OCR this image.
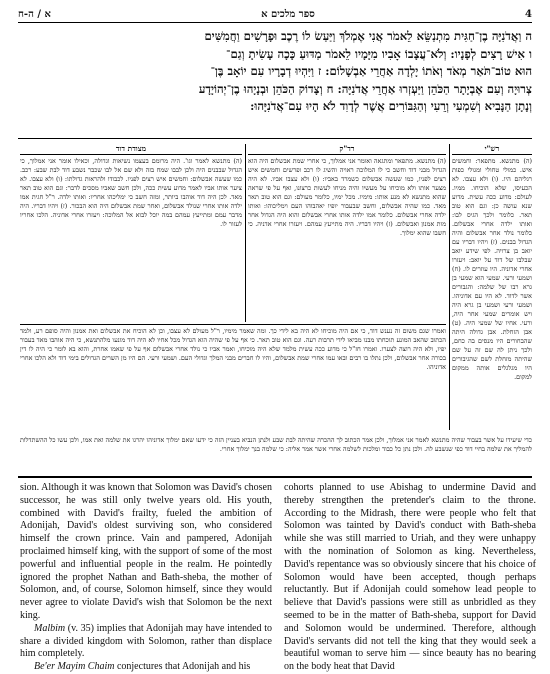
4
ספר מלכים א
א / ה-ח
ה וַאֲדֹנִיָּה בֶן־חַגִּית מִתְנַשֵּׂא לֵאמֹר אֲנִי אֶמְלֹךְ וַיַּעַשׂ לוֹ רֶכֶב וּפָרָשִׁים וַחֲמִשִּׁים
ו אִישׁ רָצִים לְפָנָיו: וְלֹא־עֲצָבוֹ אָבִיו מִיָּמָיו לֵאמֹר מַדּוּעַ כָּכָה עָשִׂיתָ וְגַם־
הוּא טוֹב־תֹּאַר מְאֹד וְאֹתוֹ יָלְדָה אַחֲרֵי אַבְשָׁלוֹם: ז וַיִּהְיוּ דְבָרָיו עִם יוֹאָב בֶּן־
צְרוּיָה וְעִם אֶבְיָתָר הַכֹּהֵן וַיַּעְזְרוּ אַחֲרֵי אֲדֹנִיָּה: ח וְצָדוֹק הַכֹּהֵן וּבְנָיָהוּ בֶן־יְהוֹיָדָע
וְנָתָן הַנָּבִיא וְשִׁמְעִי וְרֵעִי וְהַגִּבּוֹרִים אֲשֶׁר לְדָוִד לֹא הָיוּ עִם־אֲדֹנִיָּהוּ:
רש"י

(ה) מתנשא. מתפאר: וחמשים איש. כמולי טחולי ומגולי כפות רגליהם היו. (ו) ולא עצבו. לא הכעיסו, שלא הוכיחו. ממיו. לעולם: מדוע ככה עשית. מדוע שנא עושה כן: וגם הוא טוב תאר. כלומר ולכך הגיס לבו: ואותו ילדה אחרי אבשלום. כלומר נולד אחר אבשלום והיה הגדול בבנים. (ז) ויהיו דבריו עם יואב בן צרויה. לפי שידע יואב שבלבו של דוד על יואב: ויעזרו אחרי אדוניה. היו עוזרים לו. (ח) ושמעי ורעי. שמעי הוא שמעי בן גרא רבו של שלמה: והגבורים אשר לדוד. לא היו עם אדוניהו. ושמעי ורעי ושמעי בן גרא היה ויש אומרים שמעי אחר היה, ורעי. אחיו של שמעי היה. (ט) אבן הזחלת. אבן גדולה היתה שהבחורים היו מנסים בה כחם, ולכך ניתן לה שם זה על שם שהיתה מזחלת לשם שהגיבורים היו מגלגלים אותה ממקום למקום.

רד"ק

(ה) מתנשא. מתפאר ומתגאה ואומר אני אמלוך, כי אחרי שמת אבשלום היה הוא הגדול מבני דוד וחשב כי לו המלוכה ראויה והשיג לו רכב ופרשים וחמשים איש רצים לפניו, כמו שעשה אבשלום כשמרד באביו: (ו) ולא עצבו אביו. לא היה מצער אותו ולא מוכיחו על מעשיו והיה מניחו לעשות כרצונו, ואף על פי שראה שהוא מתנשא לא מנע אותו: מימיו. מכל ימיו, כלומר מעולם: וגם הוא טוב תאר מאד. כמו שהיה אבשלום, וחשב שבעבור יופיו יאהבוהו העם וימליכוהו: ואותו ילדה אחרי אבשלום. כלומר אמו ילדה אותו אחרי אבשלום והוא היה הגדול אחר מות אמנון ואבשלום. (ז) ויהיו דבריו. היה מתייעץ עמהם. ויעזרו אחרי אדניה. כי חשבו שהוא ימלוך.

מצודת דוד

(ה) מתנשא לאמר וגו'. היה מרומם בעצמו נשיאות וגדולה, וכאילו אומר אני אמלוך, כי הגדול שבבנים היה ולכן לבבו שמח בזה ולא שם אל לבו שכבר נשבע דוד לבת שבע: רכב. כמו שעשה אבשלום: וחמשים איש רצים לפניו. לכבודו ולהראות גדולתו: (ו) ולא עצבו. לא ציער אותו אביו לאמר מדוע עשית ככה, ולכן חשב שאביו מסכים לדבר: וגם הוא טוב תאר מאד. לכן היה דוד אוהבו ביותר, ומזה חשב כי ימליכהו אחריו: ואותו ילדה. ר"ל חגית אמו ילדה אותו אחרי שנולד אבשלום, ואחר שמת אבשלום היה הוא הבכור. (ז) ויהיו דבריו. היה מדבר עמם ומתייעץ עמהם במה יוכל לבוא אל המלוכה: ויעזרו אחרי אדוניה. הלכו אחריו לעזור לו.

ואמרו שגם משום זה נענש דוד, כי אם היה מוכיחו לא היה בא לידי כך. ומה שאמר מימיו, ר"ל מעולם לא עצבו, וכן לא הוכיח את אבשלום ואת אמנון והיה סופם רע, ולמד הכתוב שהאב המונע תוכחתו מבנו מביאו לידי תרבות רעה. וגם הוא טוב תאר. כי אף על פי שהיה הוא הגדול מכל אחיו לא היה דוד מונעו מלהתנשא, כי היה אוהבו מאד בעבור יפיו, ולא היה רוצה לצערו. ואמרו חז"ל כי מדוע ככה עשית מלמד שלא היה מוכיחו, ואמר אביו כי נולד אחרי אבשלום אף על פי שאמו אחרת, והוא בא לומר כי היה לו דין בכורה אחר אבשלום, ולכן נתלו בו רבים ובאו עמו אחרי שמת אבשלום, והיו לו חברים מבני המלך וגדולי העם. ושמעי ורעי. הם היו מן השרים הגדולים בימי דוד ולא הלכו אחרי אדוניהו.

כדי שיעידו על אשר בעבור שהיה מתנשא לאמר אני אמלוך, ולכן אמר הכתוב לך ההכרה שהיתה לבת שבע ולנתן הנביא בעניין הזה כי ידעו שאם ימלוך אדוניהו יהרגו את שלמה ואת אמו, ולכן עשו כל ההשתדלות להמליך את שלמה בחיי דוד כפי שנשבע לה. ולכן נתן כל כבוד ומלכות לשלמה אחרי אשר אמר אליה: כי שלמה בנך ימלוך אחרי.

sion. Although it was known that Solomon was David's chosen successor, he was still only twelve years old. His youth, combined with David's frailty, fueled the ambition of Adonijah, David's oldest surviving son, who considered himself the crown prince. Vain and pampered, Adonijah proclaimed himself king, with the support of some of the most powerful and influential people in the realm. He pointedly ignored the prophet Nathan and Bath-sheba, the mother of Solomon, and, of course, Solomon himself, since they would never agree to violate David's wish that Solomon be the next king.

Malbim (v. 35) implies that Adonijah may have intended to share a divided kingdom with Solomon, rather than displace him completely.

Be'er Mayim Chaim conjectures that Adonijah and his

cohorts planned to use Abishag to undermine David and thereby strengthen the pretender's claim to the throne. According to the Midrash, there were people who felt that Solomon was tainted by David's conduct with Bath-sheba while she was still married to Uriah, and they were unhappy with the nomination of Solomon as king. Nevertheless, David's repentance was so obviously sincere that his choice of Solomon would have been accepted, though perhaps reluctantly. But if Adonijah could somehow lead people to believe that David's passions were still as unbridled as they seemed to be in the matter of Bath-sheba, support for David and Solomon would be undermined. Therefore, although David's servants did not tell the king that they would seek a beautiful woman to serve him — since beauty has no bearing on the body heat that David
